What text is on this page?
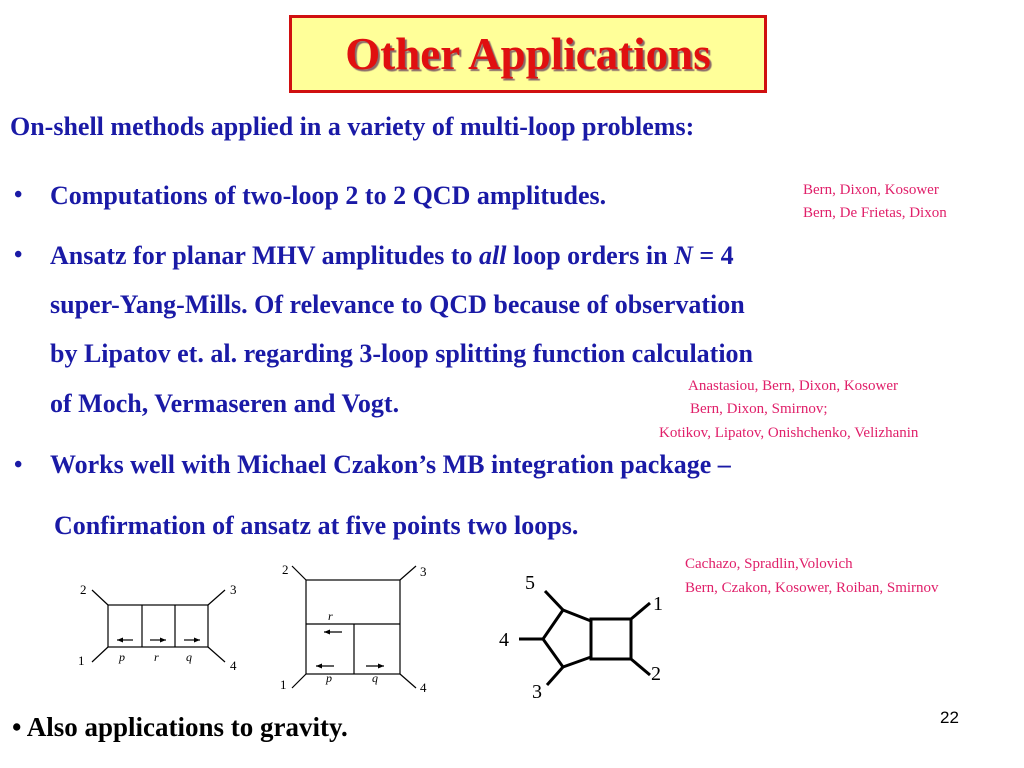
Other Applications
On-shell methods applied in a variety of multi-loop problems:
• Computations of two-loop 2 to 2 QCD amplitudes.	Bern, Dixon, Kosower
Bern, De Frietas, Dixon
• Ansatz for planar MHV amplitudes to all loop orders in N = 4
super-Yang-Mills. Of relevance to QCD because of observation
by Lipatov et. al. regarding 3-loop splitting function calculation
of Moch, Vermaseren and Vogt.
Anastasiou, Bern, Dixon, Kosower
Bern, Dixon, Smirnov;
Kotikov, Lipatov, Onishchenko, Velizhanin
• Works well with Michael Czakon’s MB integration package –
Confirmation of ansatz at five points two loops.
Cachazo, Spradlin,Volovich
Bern, Czakon, Kosower, Roiban, Smirnov
1
2	3
4
p r q
1
2	3
4
r
p	q
1
2
3
4
5
• Also applications to gravity.	22
